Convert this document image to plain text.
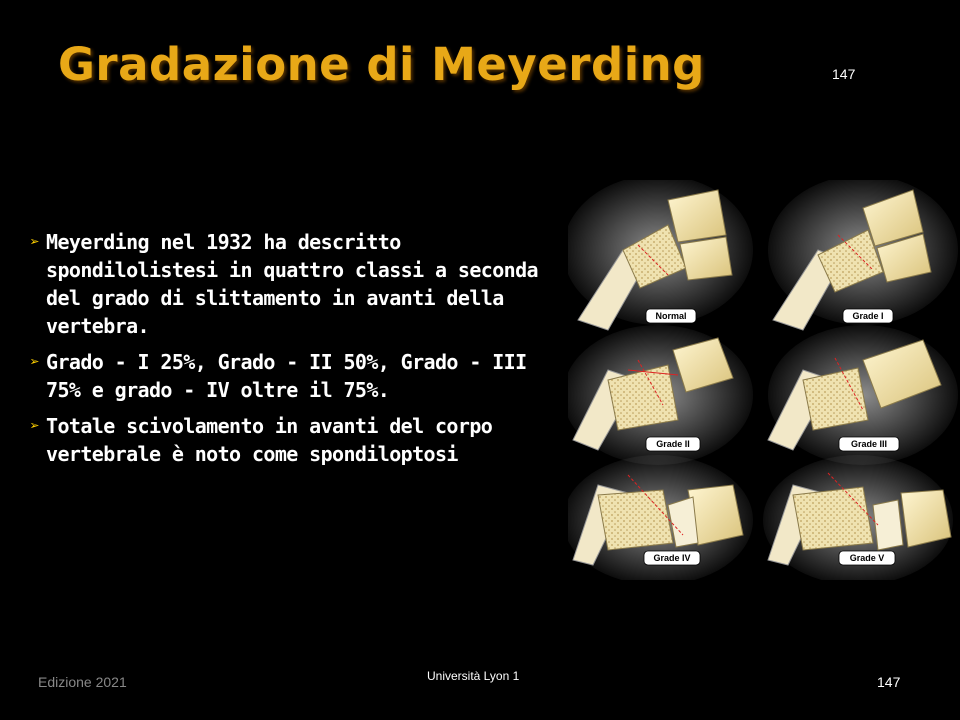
Gradazione di Meyerding	147
➢ Meyerding nel 1932 ha descritto spondilolistesi in quattro classi a seconda del grado di slittamento in avanti della vertebra.
➢ Grado - I 25%, Grado - II 50%, Grado - III 75% e grado - IV oltre il 75%.
➢ Totale scivolamento in avanti del corpo vertebrale è noto come spondiloptosi
Normal	Grade I
Grade II	Grade III
Grade IV	Grade V
Edizione 2021	Università Lyon 1	147
